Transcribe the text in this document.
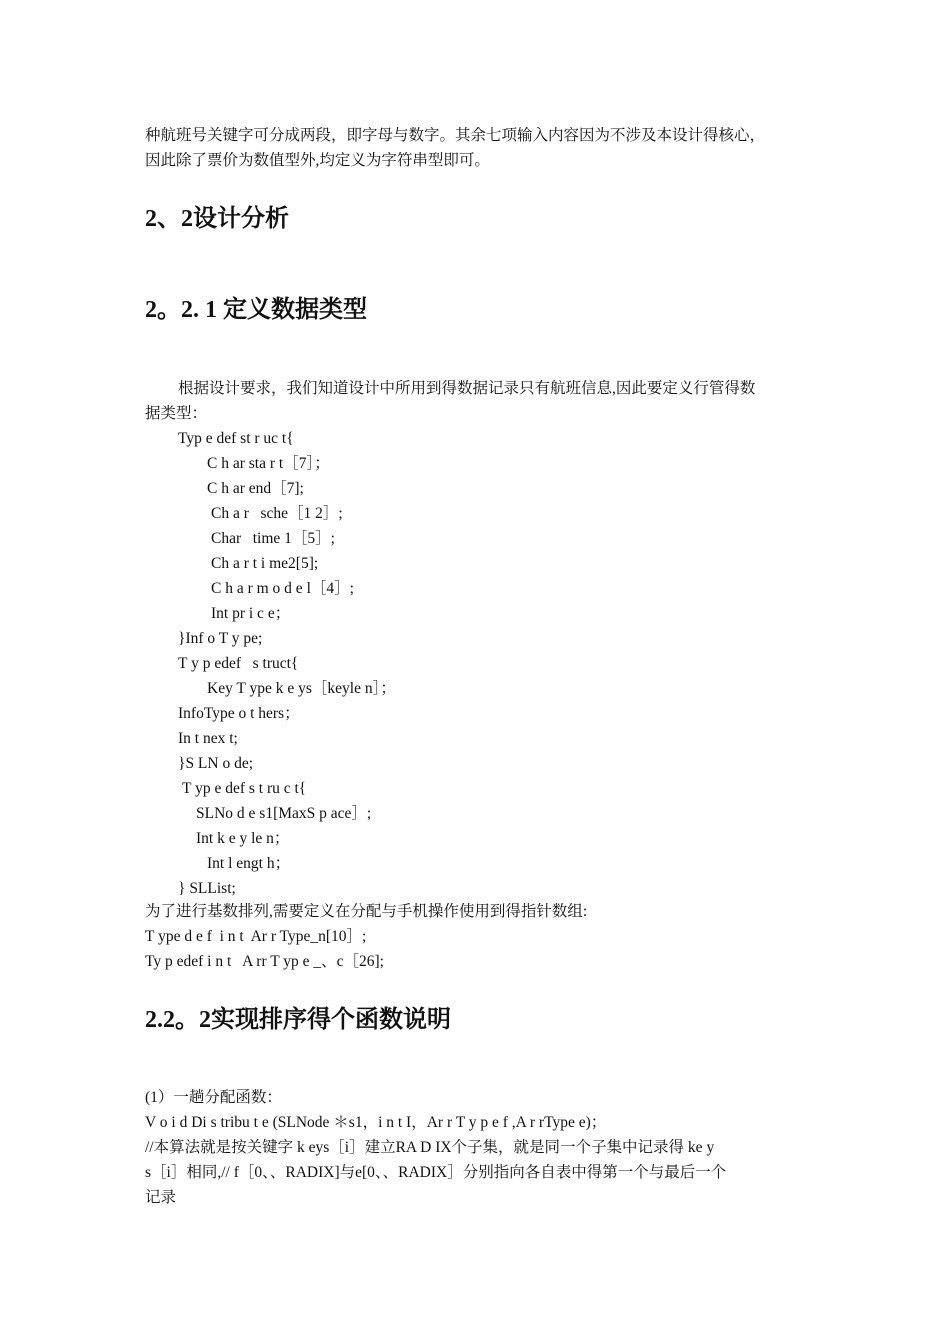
种航班号关键字可分成两段，即字母与数字。其余七项输入内容因为不涉及本设计得核心，
因此除了票价为数值型外,均定义为字符串型即可。
2、2设计分析
2。2. 1 定义数据类型
根据设计要求，我们知道设计中所用到得数据记录只有航班信息,因此要定义行管得数
据类型：
Typ e def st r uc t{
C h ar sta r t［7］；
C h ar end［7];
Ch a r   sche［1 2］;
Char   time 1［5］;
Ch a r t i me2[5];
C h a r m o d e l［4］;
Int pr i c e；
}Inf o T y pe;
T y p edef   s truct{
Key T ype k e ys［keyle n］；
InfoType o t hers；
In t nex t;
}S LN o de;
T yp e def s t ru c t{
SLNo d e s1[MaxS p ace］;
Int k e y le n；
Int l engt h；
} SLList;
为了进行基数排列,需要定义在分配与手机操作使用到得指针数组:
T ype d e f  i n t  Ar r Type_n[10］;
Ty p edef i n t   A rr T yp e _、c［26];
2.2。2实现排序得个函数说明
(1）一趟分配函数：
V o i d Di s tribu t e (SLNode ＊s1，i n t I，Ar r T y p e f ,A r rType e)；
//本算法就是按关键字 k eys［i］建立RA D IX个子集，就是同一个子集中记录得 ke y
s［i］相同,// f［0、、RADIX]与e[0、、RADIX］分别指向各自表中得第一个与最后一个
记录
